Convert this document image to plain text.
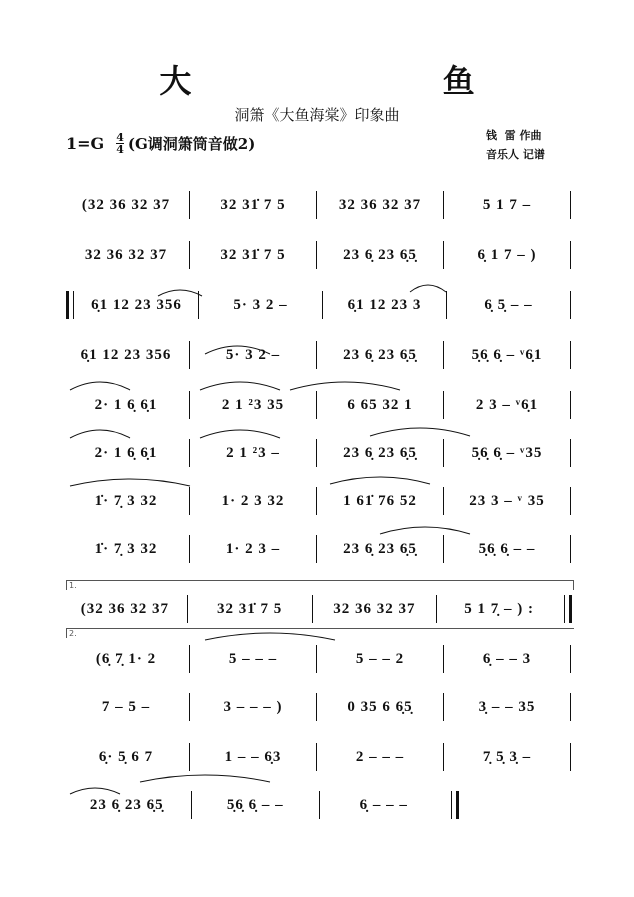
大 鱼
洞箫《大鱼海棠》印象曲
$1=G \frac{4}{4} (G$调洞箫筒音做2)	钱  雷 作曲
音乐人 记谱
1.
2.
(32 36 32 37	32 31̇ 7 5	32 36 32 37	5 1 7 –
32 36 32 37	32 31̇ 7 5	23 6̣ 23 6̣5̣	6̣ 1 7 – )
6̣1 12 23 356	5· 3 2 –	6̣1 12 23 3	6̣ 5̣ – –
6̣1 12 23 356	5· 3 2 –	23 6̣ 23 6̣5̣	5̣6̣ 6̣ – ᵛ6̣1
2· 1 6̣ 6̣1	2 1 ²3 35	6 65 32 1	2 3 – ᵛ6̣1
2· 1 6̣ 6̣1	2 1 ²3 –	23 6̣ 23 6̣5̣	5̣6̣ 6̣ – ᵛ35
1̇· 7̣ 3 32	1· 2 3 32	1 61̇ 76 52	23 3 – ᵛ 35
1̇· 7̣ 3 32	1· 2 3 –	23 6̣ 23 6̣5̣	5̣6̣ 6̣ – –
(32 36 32 37	32 31̇ 7 5	32 36 32 37	5 1 7̣ – ) :
(6̣ 7̣ 1· 2	5 – – –	5 – – 2	6̣ – – 3
7 – 5 –	3 – – – )	0 35 6 6̣5̣	3̣ – – 35
6̣· 5̣ 6 7	1 – – 6̣3	2 – – –	7̣ 5̣ 3̣ –
23 6̣ 23 6̣5̣	5̣6̣ 6̣ – –	6̣ – – –
